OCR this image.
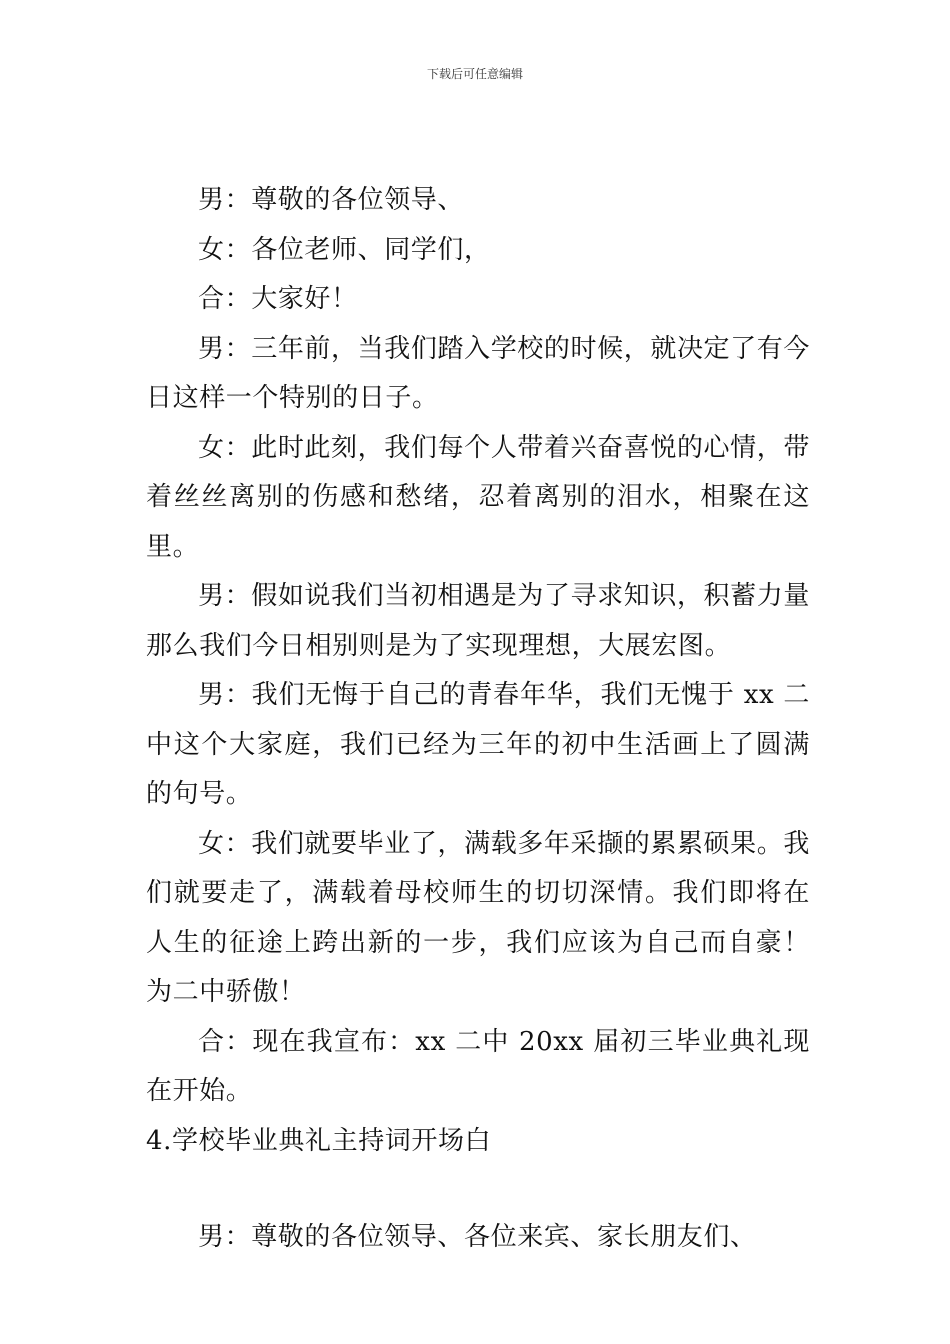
下载后可任意编辑

男：尊敬的各位领导、

女：各位老师、同学们，

合：大家好！

男：三年前，当我们踏入学校的时候，就决定了有今日这样一个特别的日子。

女：此时此刻，我们每个人带着兴奋喜悦的心情，带着丝丝离别的伤感和愁绪，忍着离别的泪水，相聚在这里。

男：假如说我们当初相遇是为了寻求知识，积蓄力量那么我们今日相别则是为了实现理想，大展宏图。

男：我们无悔于自己的青春年华，我们无愧于 xx 二中这个大家庭，我们已经为三年的初中生活画上了圆满的句号。

女：我们就要毕业了，满载多年采撷的累累硕果。我们就要走了，满载着母校师生的切切深情。我们即将在人生的征途上跨出新的一步，我们应该为自己而自豪！为二中骄傲！

合：现在我宣布：xx 二中 20xx 届初三毕业典礼现在开始。

4.学校毕业典礼主持词开场白

男：尊敬的各位领导、各位来宾、家长朋友们、
